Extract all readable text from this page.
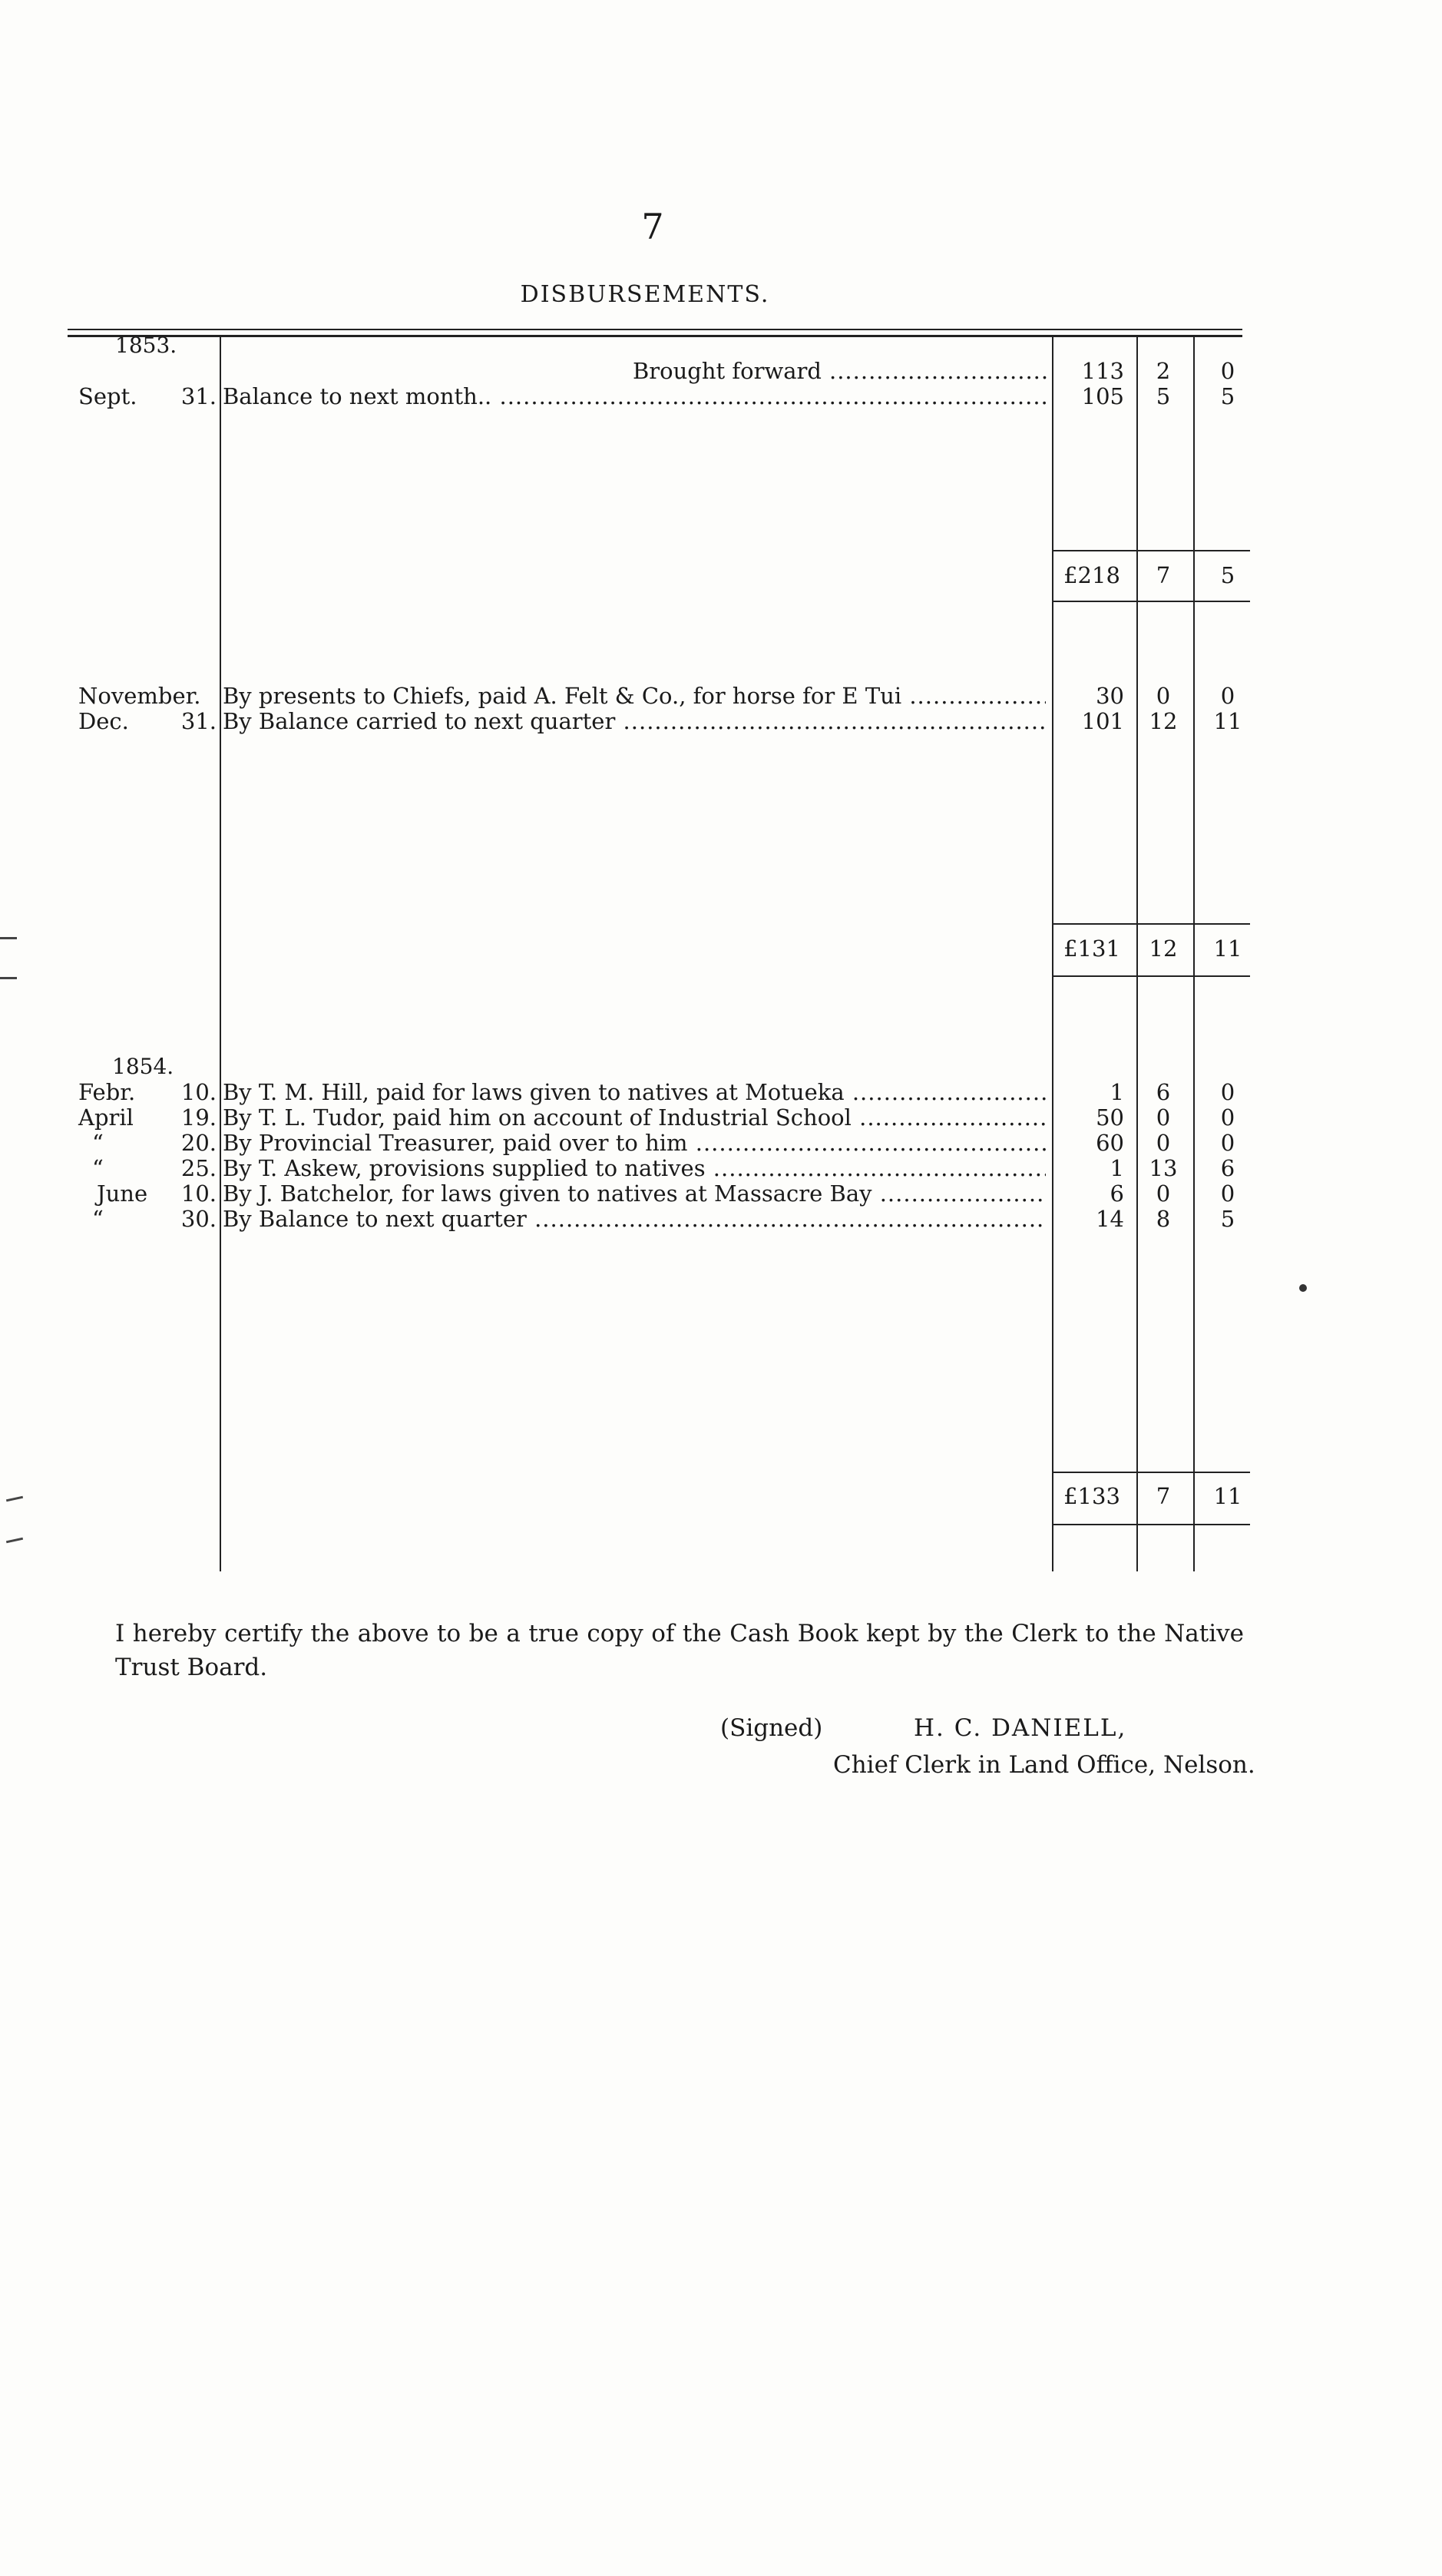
7
DISBURSEMENTS.
1853.
Brought forward
.....	113	2	0
Sept.	31. Balance to next month.. .....	105	5	5
£218	7	5
November. By presents to Chiefs, paid A. Felt & Co., for horse for E Tui .....	30	0	0
Dec.	31. By Balance carried to next quarter .....	101	12	11
£131	12	11
1854.
Febr.	10. By T. M. Hill, paid for laws given to natives at Motueka .....	1	6	0
April	19. By T. L. Tudor, paid him on account of Industrial School .....	50	0	0
“	20. By Provincial Treasurer, paid over to him .....	60	0	0
“	25. By T. Askew, provisions supplied to natives .....	1	13	6
June	10. By J. Batchelor, for laws given to natives at Massacre Bay .....	6	0	0
“	30. By Balance to next quarter .....	14	8	5
£133	7	11
I hereby certify the above to be a true copy of the Cash Book kept by the Clerk to the Native Trust Board.
(Signed)	H. C. DANIELL,
Chief Clerk in Land Office, Nelson.
